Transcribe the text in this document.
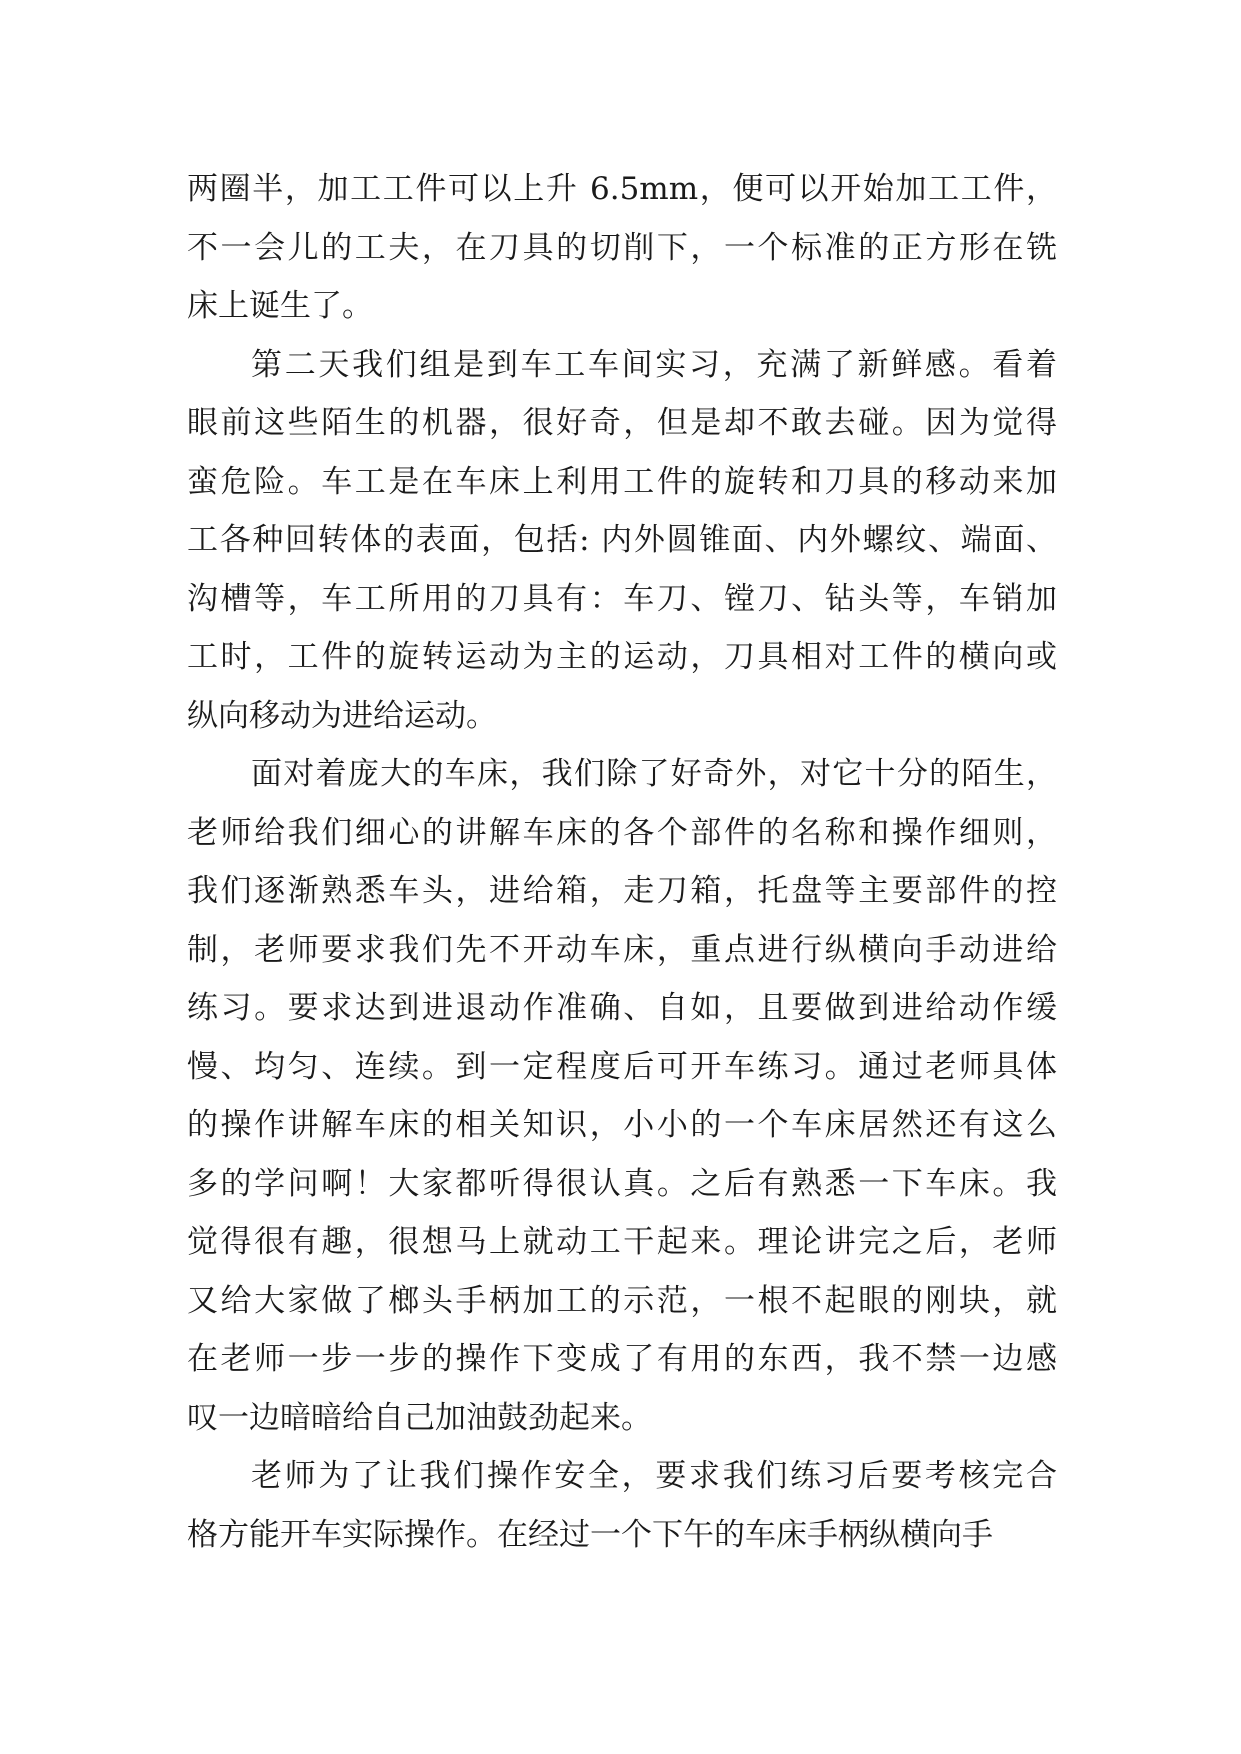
两圈半，加工工件可以上升 6.5mm，便可以开始加工工件，
不一会儿的工夫，在刀具的切削下，一个标准的正方形在铣
床上诞生了。
第二天我们组是到车工车间实习，充满了新鲜感。看着
眼前这些陌生的机器，很好奇，但是却不敢去碰。因为觉得
蛮危险。车工是在车床上利用工件的旋转和刀具的移动来加
工各种回转体的表面，包括: 内外圆锥面、内外螺纹、端面、
沟槽等，车工所用的刀具有：车刀、镗刀、钻头等，车销加
工时，工件的旋转运动为主的运动，刀具相对工件的横向或
纵向移动为进给运动。
面对着庞大的车床，我们除了好奇外，对它十分的陌生，
老师给我们细心的讲解车床的各个部件的名称和操作细则，
我们逐渐熟悉车头，进给箱，走刀箱，托盘等主要部件的控
制，老师要求我们先不开动车床，重点进行纵横向手动进给
练习。要求达到进退动作准确、自如，且要做到进给动作缓
慢、均匀、连续。到一定程度后可开车练习。通过老师具体
的操作讲解车床的相关知识，小小的一个车床居然还有这么
多的学问啊！大家都听得很认真。之后有熟悉一下车床。我
觉得很有趣，很想马上就动工干起来。理论讲完之后，老师
又给大家做了榔头手柄加工的示范，一根不起眼的刚块，就
在老师一步一步的操作下变成了有用的东西，我不禁一边感
叹一边暗暗给自己加油鼓劲起来。
老师为了让我们操作安全，要求我们练习后要考核完合
格方能开车实际操作。在经过一个下午的车床手柄纵横向手
